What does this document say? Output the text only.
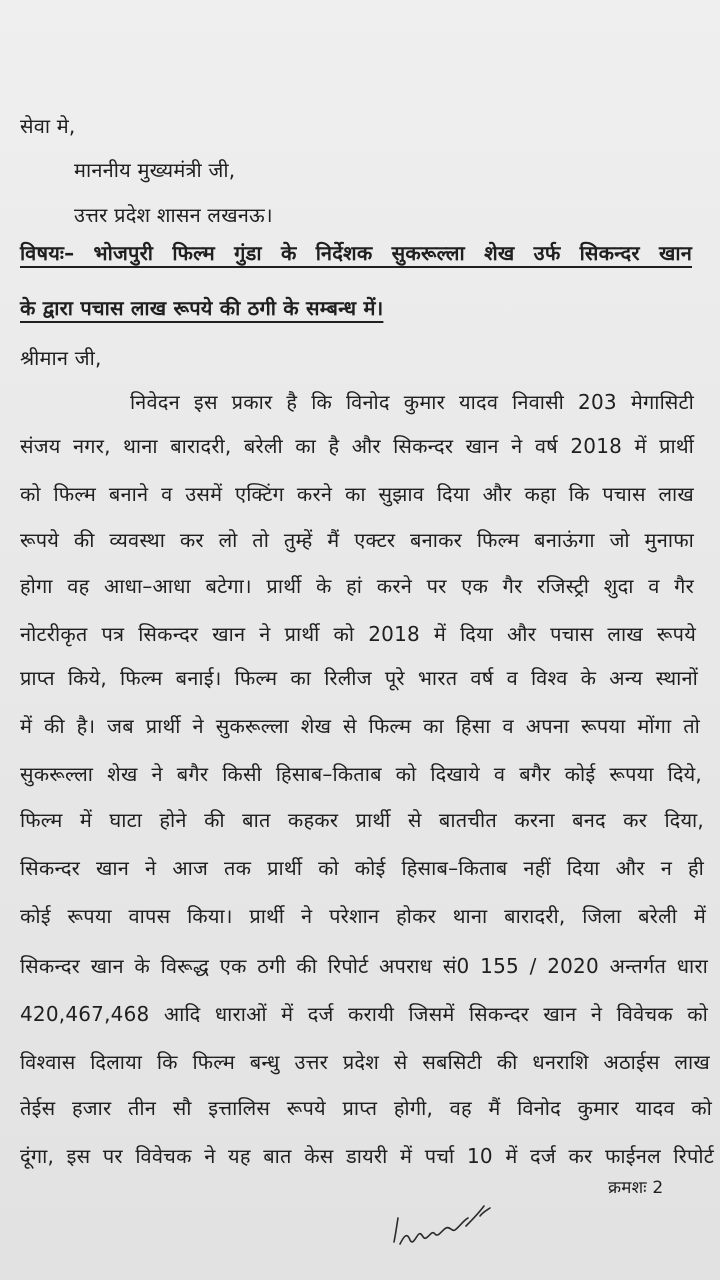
सेवा मे,
माननीय मुख्यमंत्री जी,
उत्तर प्रदेश शासन लखनऊ।
विषयः– भोजपुरी फिल्म गुंडा के निर्देशक सुकरूल्ला शेख उर्फ सिकन्दर खान
के द्वारा पचास लाख रूपये की ठगी के सम्बन्ध में।
श्रीमान जी,
निवेदन इस प्रकार है कि विनोद कुमार यादव निवासी 203 मेगासिटी
संजय नगर, थाना बारादरी, बरेली का है और सिकन्दर खान ने वर्ष 2018 में प्रार्थी
को फिल्म बनाने व उसमें एक्टिंग करने का सुझाव दिया और कहा कि पचास लाख
रूपये की व्यवस्था कर लो तो तुम्हें मैं एक्टर बनाकर फिल्म बनाऊंगा जो मुनाफा
होगा वह आधा–आधा बटेगा। प्रार्थी के हां करने पर एक गैर रजिस्ट्री शुदा व गैर
नोटरीकृत पत्र सिकन्दर खान ने प्रार्थी को 2018 में दिया और पचास लाख रूपये
प्राप्त किये, फिल्म बनाई। फिल्म का रिलीज पूरे भारत वर्ष व विश्व के अन्य स्थानों
में की है। जब प्रार्थी ने सुकरूल्ला शेख से फिल्म का हिसा व अपना रूपया मोंगा तो
सुकरूल्ला शेख ने बगैर किसी हिसाब–किताब को दिखाये व बगैर कोई रूपया दिये,
फिल्म में घाटा होने की बात कहकर प्रार्थी से बातचीत करना बनद कर दिया,
सिकन्दर खान ने आज तक प्रार्थी को कोई हिसाब–किताब नहीं दिया और न ही
कोई रूपया वापस किया। प्रार्थी ने परेशान होकर थाना बारादरी, जिला बरेली में
सिकन्दर खान के विरूद्ध एक ठगी की रिपोर्ट अपराध सं0 155 / 2020 अन्तर्गत धारा
420,467,468 आदि धाराओं में दर्ज करायी जिसमें सिकन्दर खान ने विवेचक को
विश्वास दिलाया कि फिल्म बन्धु उत्तर प्रदेश से सबसिटी की धनराशि अठाईस लाख
तेईस हजार तीन सौ इत्तालिस रूपये प्राप्त होगी, वह मैं विनोद कुमार यादव को
दूंगा, इस पर विवेचक ने यह बात केस डायरी में पर्चा 10 में दर्ज कर फाईनल रिपोर्ट
क्रमशः 2
